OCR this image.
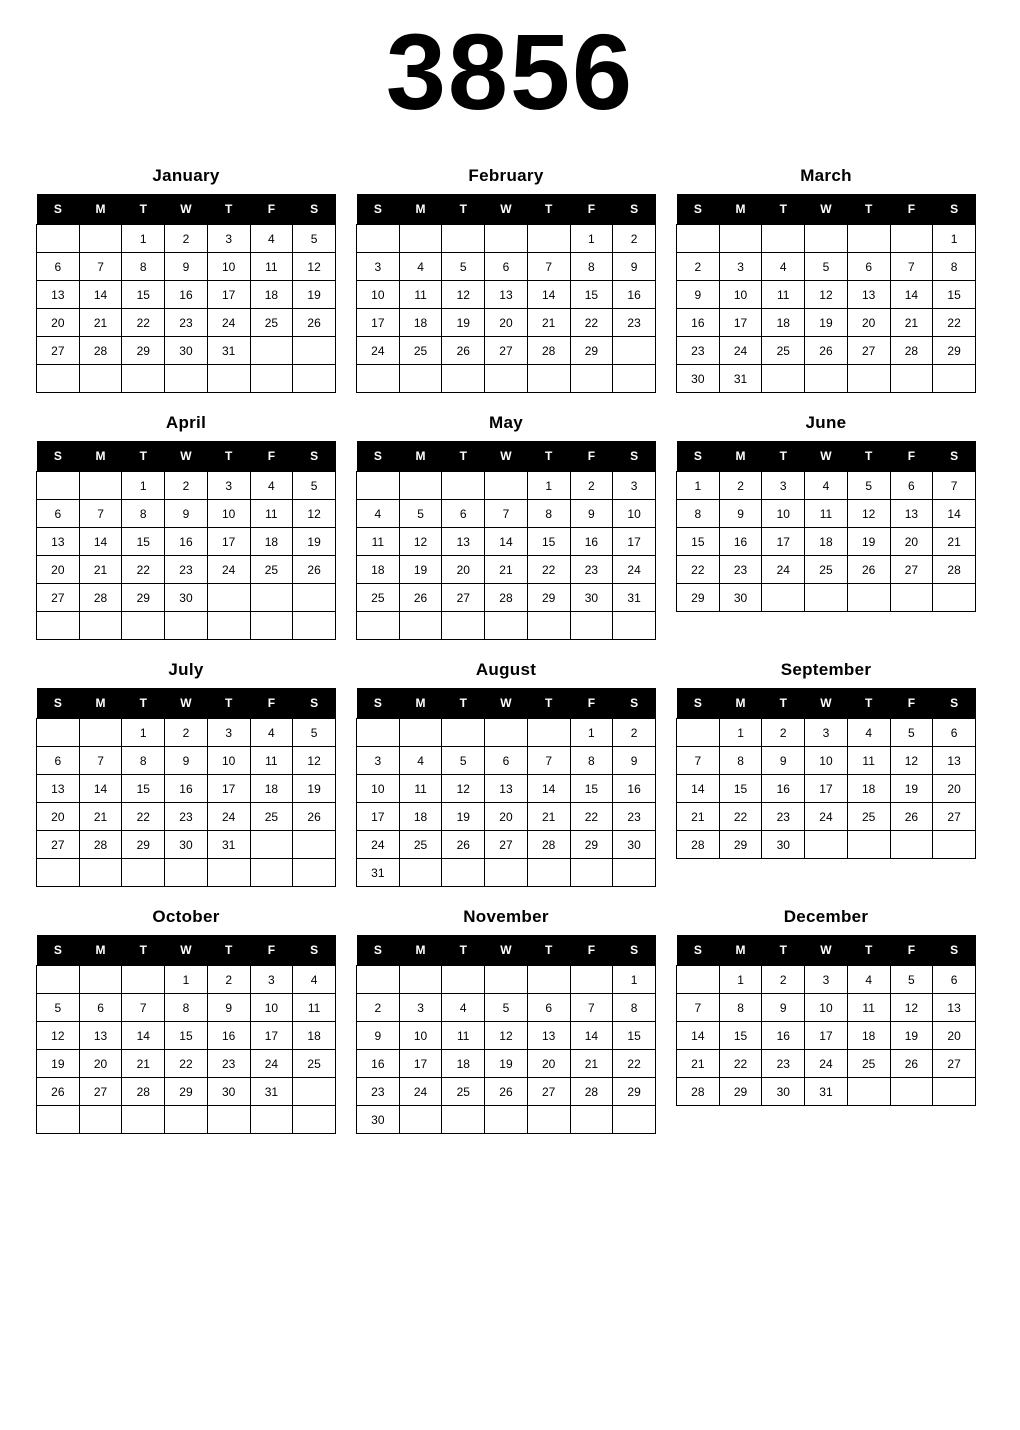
3856
January
S	M	T	W	T	F	S
		1	2	3	4	5
6	7	8	9	10	11	12
13	14	15	16	17	18	19
20	21	22	23	24	25	26
27	28	29	30	31		

February
S	M	T	W	T	F	S
					1	2
3	4	5	6	7	8	9
10	11	12	13	14	15	16
17	18	19	20	21	22	23
24	25	26	27	28	29	

March
S	M	T	W	T	F	S
						1
2	3	4	5	6	7	8
9	10	11	12	13	14	15
16	17	18	19	20	21	22
23	24	25	26	27	28	29
30	31					
April
S	M	T	W	T	F	S
		1	2	3	4	5
6	7	8	9	10	11	12
13	14	15	16	17	18	19
20	21	22	23	24	25	26
27	28	29	30			

May
S	M	T	W	T	F	S
				1	2	3
4	5	6	7	8	9	10
11	12	13	14	15	16	17
18	19	20	21	22	23	24
25	26	27	28	29	30	31

June
S	M	T	W	T	F	S
1	2	3	4	5	6	7
8	9	10	11	12	13	14
15	16	17	18	19	20	21
22	23	24	25	26	27	28
29	30					
July
S	M	T	W	T	F	S
		1	2	3	4	5
6	7	8	9	10	11	12
13	14	15	16	17	18	19
20	21	22	23	24	25	26
27	28	29	30	31		

August
S	M	T	W	T	F	S
					1	2
3	4	5	6	7	8	9
10	11	12	13	14	15	16
17	18	19	20	21	22	23
24	25	26	27	28	29	30
31						
September
S	M	T	W	T	F	S
	1	2	3	4	5	6
7	8	9	10	11	12	13
14	15	16	17	18	19	20
21	22	23	24	25	26	27
28	29	30				
October
S	M	T	W	T	F	S
			1	2	3	4
5	6	7	8	9	10	11
12	13	14	15	16	17	18
19	20	21	22	23	24	25
26	27	28	29	30	31	

November
S	M	T	W	T	F	S
						1
2	3	4	5	6	7	8
9	10	11	12	13	14	15
16	17	18	19	20	21	22
23	24	25	26	27	28	29
30						
December
S	M	T	W	T	F	S
	1	2	3	4	5	6
7	8	9	10	11	12	13
14	15	16	17	18	19	20
21	22	23	24	25	26	27
28	29	30	31			
